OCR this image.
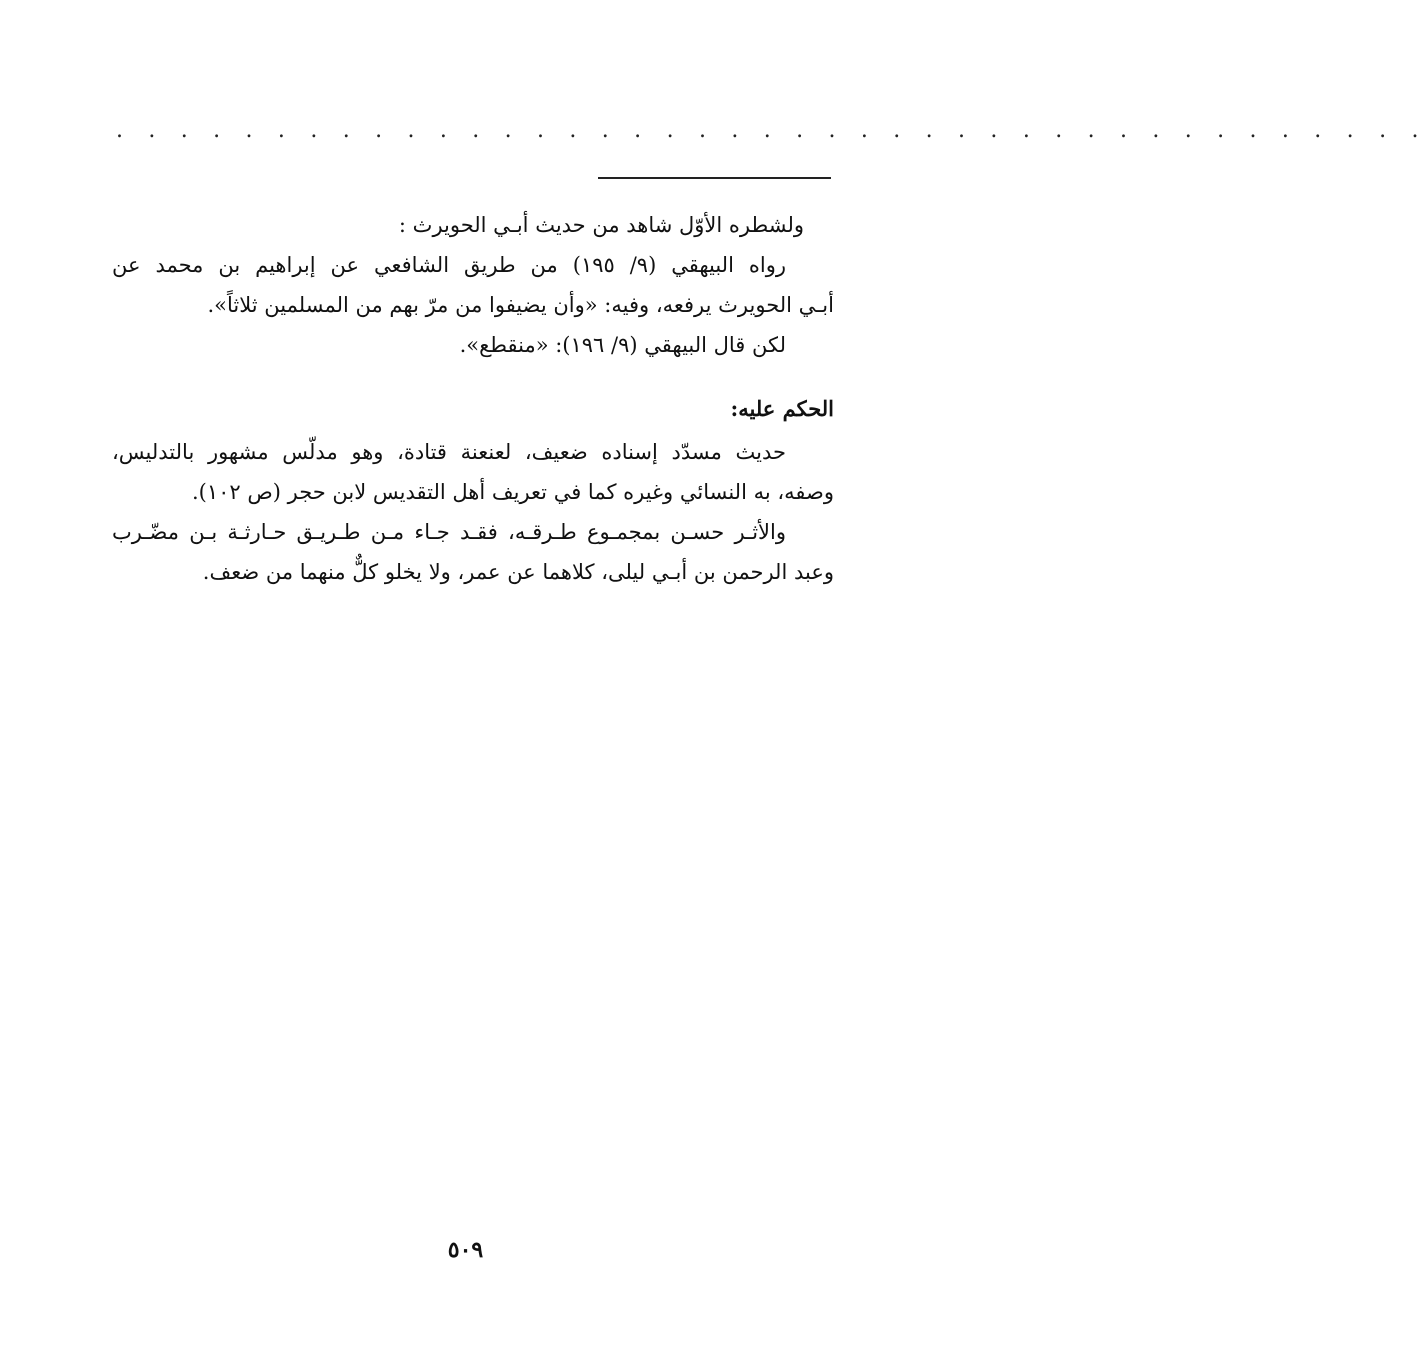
. . . . . . . . . . . . . . . . . . . . . . . . . . . . . . . . . . . . . . . . .
ولشطره الأوّل شاهد من حديث أبـي الحويرث :
رواه البيهقي (٩/ ١٩٥) من طريق الشافعي عن إبراهيم بن محمد عن
أبـي الحويرث يرفعه، وفيه: «وأن يضيفوا من مرّ بهم من المسلمين ثلاثاً».
لكن قال البيهقي (٩/ ١٩٦): «منقطع».
الحكم عليه:
حديث مسدّد إسناده ضعيف، لعنعنة قتادة، وهو مدلّس مشهور بالتدليس،
وصفه، به النسائي وغيره كما في تعريف أهل التقديس لابن حجر (ص ١٠٢).
والأثـر حسـن بمجمـوع طـرقـه، فقـد جـاء مـن طـريـق حـارثـة بـن مضّـرب
وعبد الرحمن بن أبـي ليلى، كلاهما عن عمر، ولا يخلو كلٌّ منهما من ضعف.
٥٠٩
